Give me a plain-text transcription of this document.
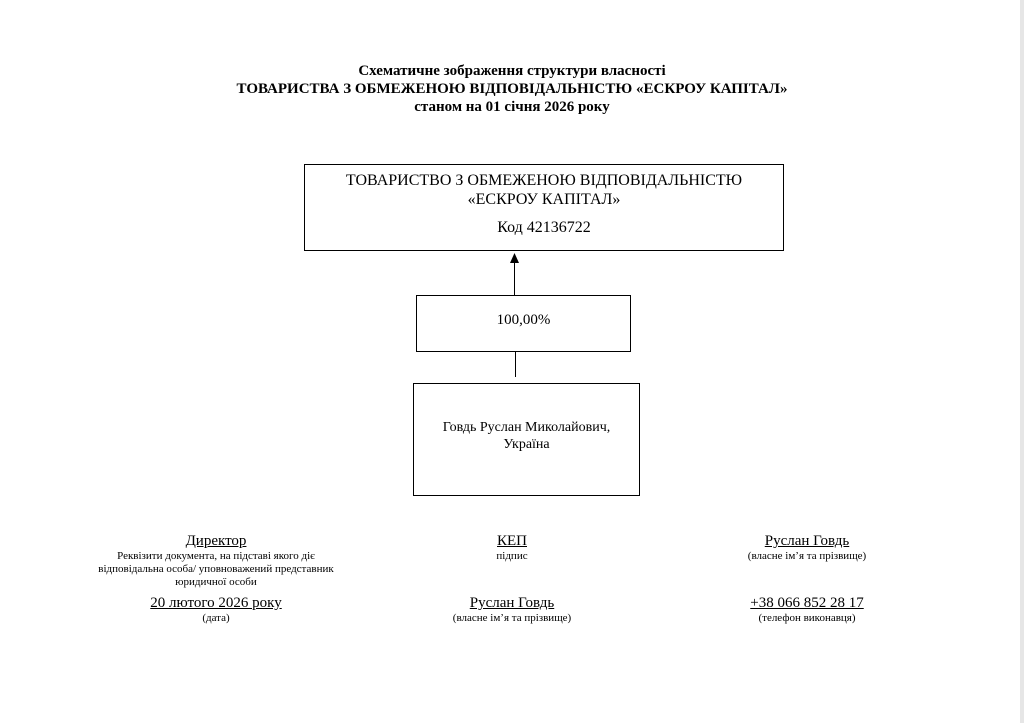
Схематичне зображення структури власності
ТОВАРИСТВА З ОБМЕЖЕНОЮ ВІДПОВІДАЛЬНІСТЮ «ЕСКРОУ КАПІТАЛ»
станом на 01 січня 2026 року
ТОВАРИСТВО З ОБМЕЖЕНОЮ ВІДПОВІДАЛЬНІСТЮ
«ЕСКРОУ КАПІТАЛ»
Код 42136722
100,00%
Говдь Руслан Миколайович,
Україна
Директор
Реквізити документа, на підставі якого діє
відповідальна особа/ уповноважений представник
юридичної особи
КЕП
підпис
Руслан Говдь
(власне ім’я та прізвище)
20 лютого 2026 року
(дата)
Руслан Говдь
(власне ім’я та прізвище)
+38 066 852 28 17
(телефон виконавця)
